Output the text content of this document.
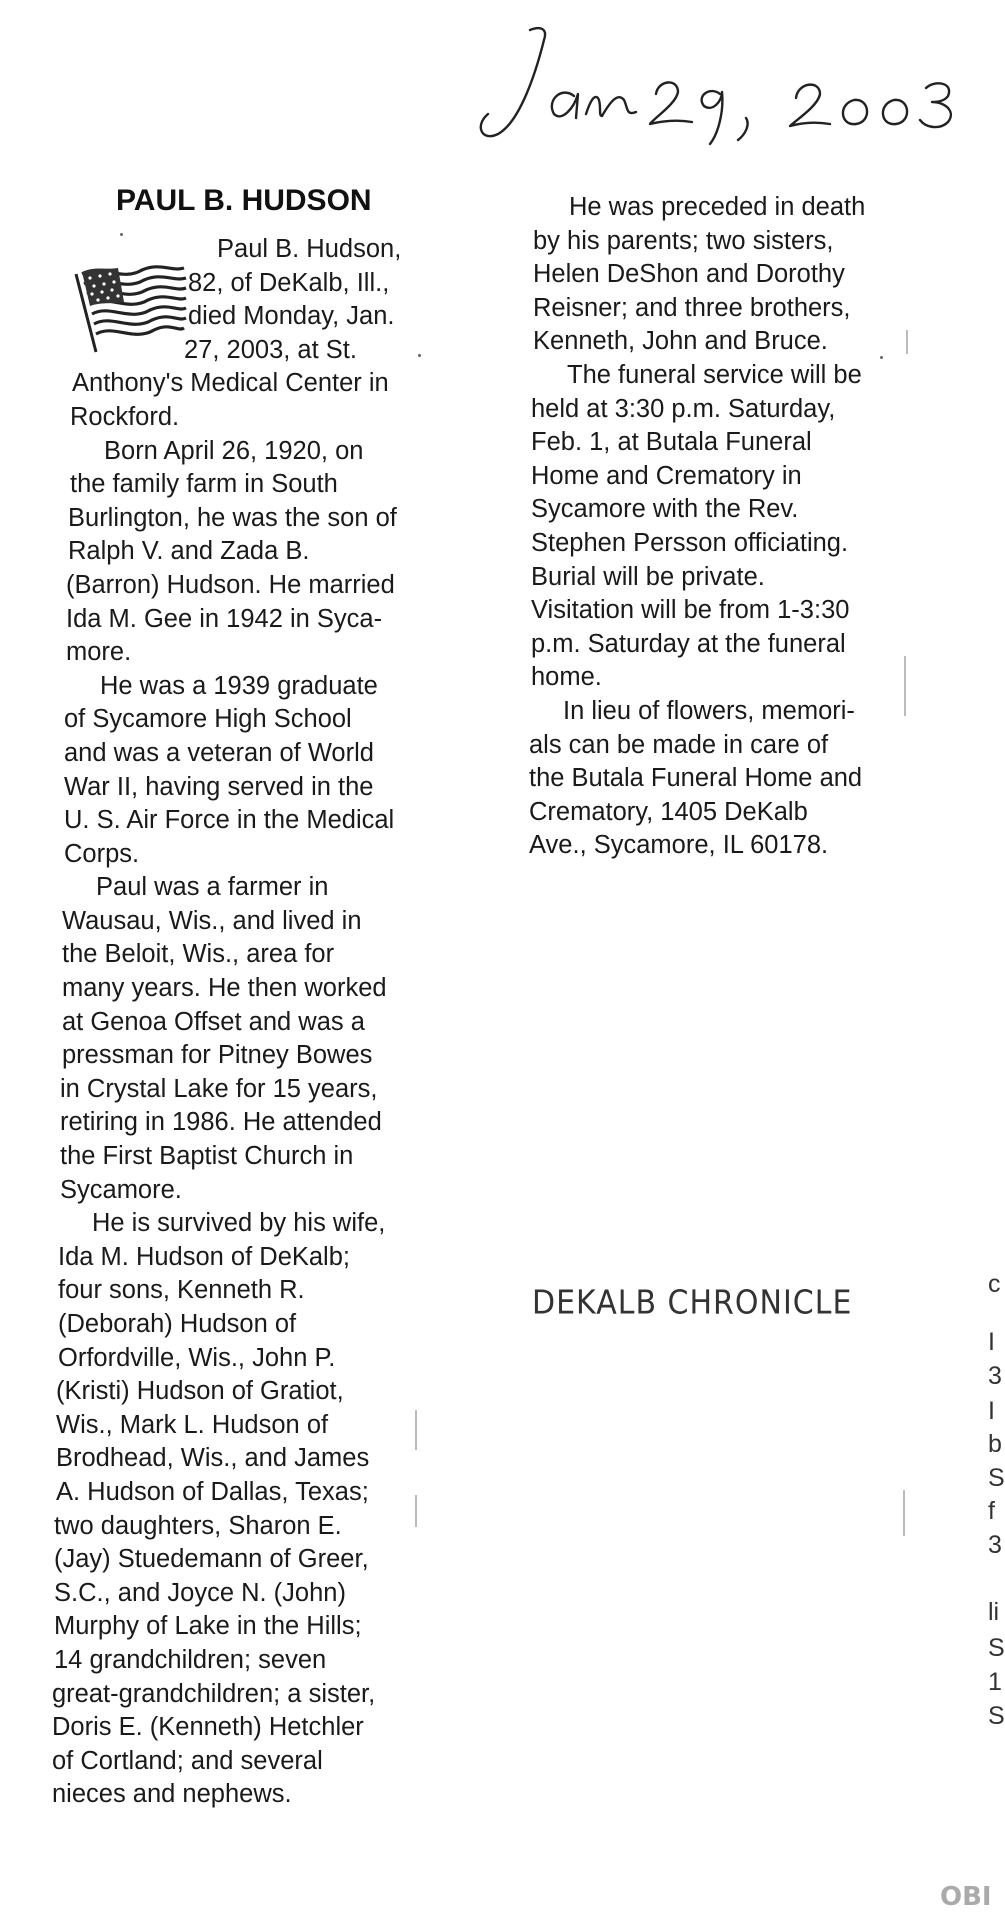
PAUL B. HUDSON
Paul B. Hudson,
82, of DeKalb, Ill.,
died Monday, Jan.
27, 2003, at St.
Anthony's Medical Center in
Rockford.
Born April 26, 1920, on
the family farm in South
Burlington, he was the son of
Ralph V. and Zada B.
(Barron) Hudson. He married
Ida M. Gee in 1942 in Syca-
more.
He was a 1939 graduate
of Sycamore High School
and was a veteran of World
War II, having served in the
U. S. Air Force in the Medical
Corps.
Paul was a farmer in
Wausau, Wis., and lived in
the Beloit, Wis., area for
many years. He then worked
at Genoa Offset and was a
pressman for Pitney Bowes
in Crystal Lake for 15 years,
retiring in 1986. He attended
the First Baptist Church in
Sycamore.
He is survived by his wife,
Ida M. Hudson of DeKalb;
four sons, Kenneth R.
(Deborah) Hudson of
Orfordville, Wis., John P.
(Kristi) Hudson of Gratiot,
Wis., Mark L. Hudson of
Brodhead, Wis., and James
A. Hudson of Dallas, Texas;
two daughters, Sharon E.
(Jay) Stuedemann of Greer,
S.C., and Joyce N. (John)
Murphy of Lake in the Hills;
14 grandchildren; seven
great-grandchildren; a sister,
Doris E. (Kenneth) Hetchler
of Cortland; and several
nieces and nephews.
He was preceded in death
by his parents; two sisters,
Helen DeShon and Dorothy
Reisner; and three brothers,
Kenneth, John and Bruce.
The funeral service will be
held at 3:30 p.m. Saturday,
Feb. 1, at Butala Funeral
Home and Crematory in
Sycamore with the Rev.
Stephen Persson officiating.
Burial will be private.
Visitation will be from 1-3:30
p.m. Saturday at the funeral
home.
In lieu of flowers, memori-
als can be made in care of
the Butala Funeral Home and
Crematory, 1405 DeKalb
Ave., Sycamore, IL 60178.
DEKALB CHRONICLE	c
I
3
I
b
S
f
3
li
S
1
S
OBI
